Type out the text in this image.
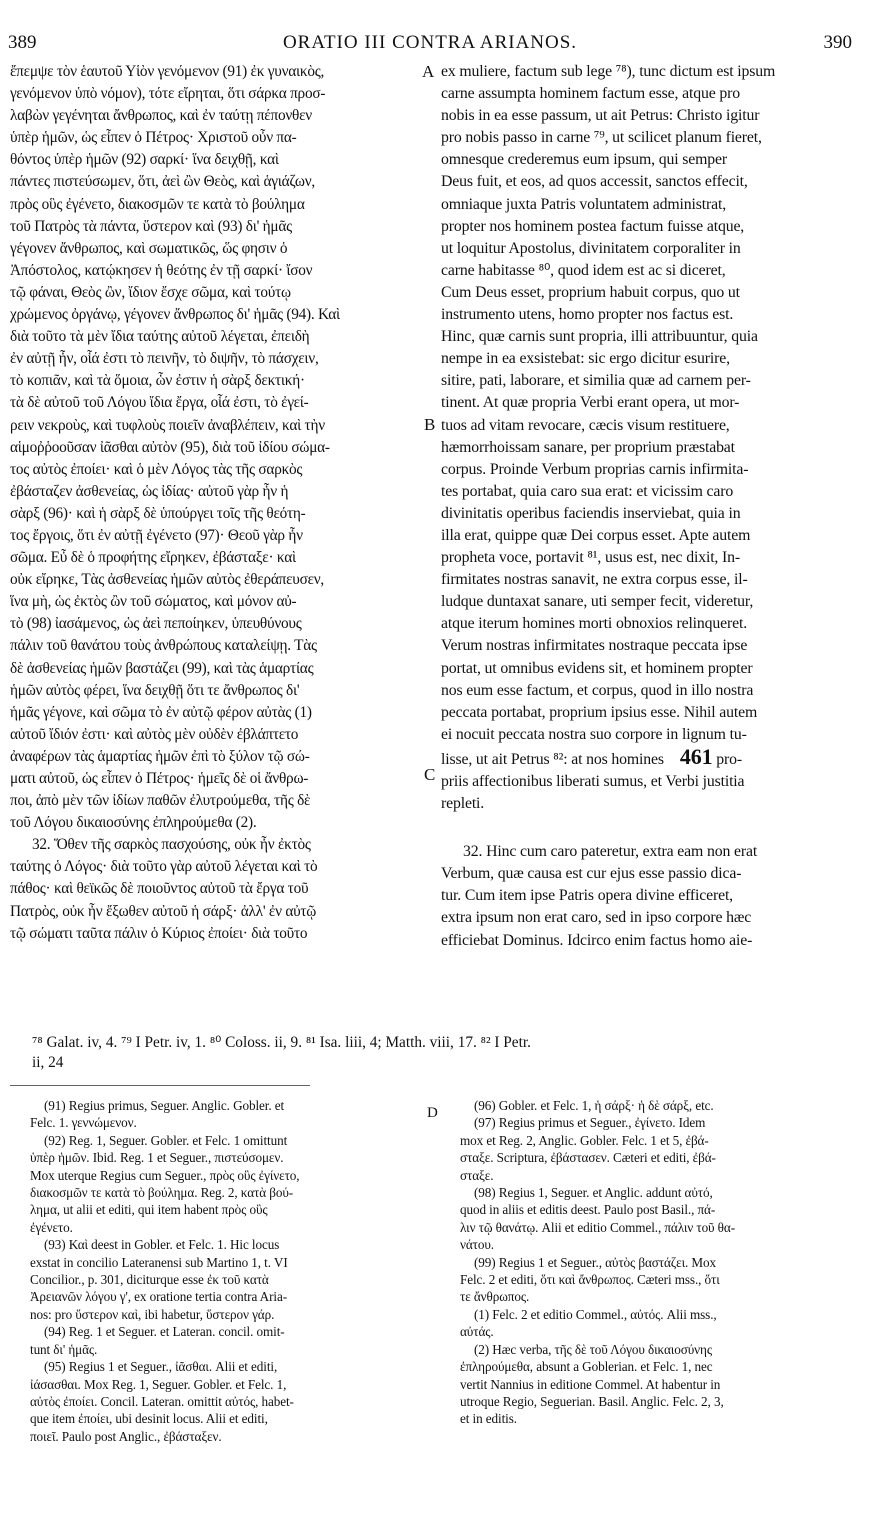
389	ORATIO III CONTRA ARIANOS.	390
A
B
C
D
ἔπεμψε τὸν ἑαυτοῦ Υἱὸν γενόμενον (91) ἐκ γυναικὸς,
γενόμενον ὑπὸ νόμον), τότε εἴρηται, ὅτι σάρκα προσ-
λαβὼν γεγένηται ἄνθρωπος, καὶ ἐν ταύτῃ πέπονθεν
ὑπὲρ ἡμῶν, ὡς εἶπεν ὁ Πέτρος· Χριστοῦ οὖν πα-
θόντος ὑπὲρ ἡμῶν (92) σαρκί· ἵνα δειχθῇ, καὶ
πάντες πιστεύσωμεν, ὅτι, ἀεὶ ὢν Θεὸς, καὶ ἁγιάζων,
πρὸς οὓς ἐγένετο, διακοσμῶν τε κατὰ τὸ βούλημα
τοῦ Πατρὸς τὰ πάντα, ὕστερον καὶ (93) δι' ἡμᾶς
γέγονεν ἄνθρωπος, καὶ σωματικῶς, ὥς φησιν ὁ
Ἀπόστολος, κατῴκησεν ἡ θεότης ἐν τῇ σαρκί· ἴσον
τῷ φάναι, Θεὸς ὢν, ἴδιον ἔσχε σῶμα, καὶ τούτῳ
χρώμενος ὀργάνῳ, γέγονεν ἄνθρωπος δι' ἡμᾶς (94). Καὶ
διὰ τοῦτο τὰ μὲν ἴδια ταύτης αὐτοῦ λέγεται, ἐπειδὴ
ἐν αὐτῇ ἦν, οἷά ἐστι τὸ πεινῆν, τὸ διψῆν, τὸ πάσχειν,
τὸ κοπιᾶν, καὶ τὰ ὅμοια, ὧν ἐστιν ἡ σὰρξ δεκτική·
τὰ δὲ αὐτοῦ τοῦ Λόγου ἴδια ἔργα, οἷά ἐστι, τὸ ἐγεί-
ρειν νεκροὺς, καὶ τυφλοὺς ποιεῖν ἀναβλέπειν, καὶ τὴν
αἱμοῤῥοοῦσαν ἰᾶσθαι αὐτὸν (95), διὰ τοῦ ἰδίου σώμα-
τος αὐτὸς ἐποίει· καὶ ὁ μὲν Λόγος τὰς τῆς σαρκὸς
ἐβάσταζεν ἀσθενείας, ὡς ἰδίας· αὐτοῦ γὰρ ἦν ἡ
σὰρξ (96)· καὶ ἡ σὰρξ δὲ ὑπούργει τοῖς τῆς θεότη-
τος ἔργοις, ὅτι ἐν αὐτῇ ἐγένετο (97)· Θεοῦ γὰρ ἦν
σῶμα. Εὖ δὲ ὁ προφήτης εἴρηκεν, ἐβάσταξε· καὶ
οὐκ εἴρηκε, Τὰς ἀσθενείας ἡμῶν αὐτὸς ἐθεράπευσεν,
ἵνα μὴ, ὡς ἐκτὸς ὢν τοῦ σώματος, καὶ μόνον αὐ-
τὸ (98) ἰασάμενος, ὡς ἀεὶ πεποίηκεν, ὑπευθύνους
πάλιν τοῦ θανάτου τοὺς ἀνθρώπους καταλείψῃ. Τὰς
δὲ ἀσθενείας ἡμῶν βαστάζει (99), καὶ τὰς ἁμαρτίας
ἡμῶν αὐτὸς φέρει, ἵνα δειχθῇ ὅτι τε ἄνθρωπος δι'
ἡμᾶς γέγονε, καὶ σῶμα τὸ ἐν αὐτῷ φέρον αὐτὰς (1)
αὐτοῦ ἴδιόν ἐστι· καὶ αὐτὸς μὲν οὐδὲν ἐβλάπτετο
ἀναφέρων τὰς ἁμαρτίας ἡμῶν ἐπὶ τὸ ξύλον τῷ σώ-
ματι αὐτοῦ, ὡς εἶπεν ὁ Πέτρος· ἡμεῖς δὲ οἱ ἄνθρω-
ποι, ἀπὸ μὲν τῶν ἰδίων παθῶν ἐλυτρούμεθα, τῆς δὲ
τοῦ Λόγου δικαιοσύνης ἐπληρούμεθα (2).
32. Ὅθεν τῆς σαρκὸς πασχούσης, οὐκ ἦν ἐκτὸς
ταύτης ὁ Λόγος· διὰ τοῦτο γὰρ αὐτοῦ λέγεται καὶ τὸ
πάθος· καὶ θεϊκῶς δὲ ποιοῦντος αὐτοῦ τὰ ἔργα τοῦ
Πατρὸς, οὐκ ἦν ἔξωθεν αὐτοῦ ἡ σάρξ· ἀλλ' ἐν αὐτῷ
τῷ σώματι ταῦτα πάλιν ὁ Κύριος ἐποίει· διὰ τοῦτο
ex muliere, factum sub lege ⁷⁸), tunc dictum est ipsum
carne assumpta hominem factum esse, atque pro
nobis in ea esse passum, ut ait Petrus: Christo igitur
pro nobis passo in carne ⁷⁹, ut scilicet planum fieret,
omnesque crederemus eum ipsum, qui semper
Deus fuit, et eos, ad quos accessit, sanctos effecit,
omniaque juxta Patris voluntatem administrat,
propter nos hominem postea factum fuisse atque,
ut loquitur Apostolus, divinitatem corporaliter in
carne habitasse ⁸⁰, quod idem est ac si diceret,
Cum Deus esset, proprium habuit corpus, quo ut
instrumento utens, homo propter nos factus est.
Hinc, quæ carnis sunt propria, illi attribuuntur, quia
nempe in ea exsistebat: sic ergo dicitur esurire,
sitire, pati, laborare, et similia quæ ad carnem per-
tinent. At quæ propria Verbi erant opera, ut mor-
tuos ad vitam revocare, cæcis visum restituere,
hæmorrhoissam sanare, per proprium præstabat
corpus. Proinde Verbum proprias carnis infirmita-
tes portabat, quia caro sua erat: et vicissim caro
divinitatis operibus faciendis inserviebat, quia in
illa erat, quippe quæ Dei corpus esset. Apte autem
propheta voce, portavit ⁸¹, usus est, nec dixit, In-
firmitates nostras sanavit, ne extra corpus esse, il-
ludque duntaxat sanare, uti semper fecit, videretur,
atque iterum homines morti obnoxios relinqueret.
Verum nostras infirmitates nostraque peccata ipse
portat, ut omnibus evidens sit, et hominem propter
nos eum esse factum, et corpus, quod in illo nostra
peccata portabat, proprium ipsius esse. Nihil autem
ei nocuit peccata nostra suo corpore in lignum tu-
lisse, ut ait Petrus ⁸²: at nos homines 461 pro-
priis affectionibus liberati sumus, et Verbi justitia
repleti.
32. Hinc cum caro pateretur, extra eam non erat
Verbum, quæ causa est cur ejus esse passio dica-
tur. Cum item ipse Patris opera divine efficeret,
extra ipsum non erat caro, sed in ipso corpore hæc
efficiebat Dominus. Idcirco enim factus homo aie-
⁷⁸ Galat. iv, 4. ⁷⁹ I Petr. iv, 1. ⁸⁰ Coloss. ii, 9. ⁸¹ Isa. liii, 4; Matth. viii, 17. ⁸² I Petr.
ii, 24
(91) Regius primus, Seguer. Anglic. Gobler. et
Felc. 1. γεννώμενον.
(92) Reg. 1, Seguer. Gobler. et Felc. 1 omittunt
ὑπὲρ ἡμῶν. Ibid. Reg. 1 et Seguer., πιστεύσομεν.
Mox uterque Regius cum Seguer., πρὸς οὓς ἐγίνετο,
διακοσμῶν τε κατὰ τὸ βούλημα. Reg. 2, κατὰ βού-
λημα, ut alii et editi, qui item habent πρὸς οὓς
ἐγένετο.
(93) Καὶ deest in Gobler. et Felc. 1. Hic locus
exstat in concilio Lateranensi sub Martino 1, t. VI
Concilior., p. 301, diciturque esse ἐκ τοῦ κατὰ
Ἀρειανῶν λόγου γ', ex oratione tertia contra Aria-
nos: pro ὕστερον καὶ, ibi habetur, ὕστερον γάρ.
(94) Reg. 1 et Seguer. et Lateran. concil. omit-
tunt δι' ἡμᾶς.
(95) Regius 1 et Seguer., ἰᾶσθαι. Alii et editi,
ἰάσασθαι. Mox Reg. 1, Seguer. Gobler. et Felc. 1,
αὐτὸς ἐποίει. Concil. Lateran. omittit αὐτός, habet-
que item ἐποίει, ubi desinit locus. Alii et editi,
ποιεῖ. Paulo post Anglic., ἐβάσταξεν.
(96) Gobler. et Felc. 1, ἡ σάρξ· ἡ δὲ σάρξ, etc.
(97) Regius primus et Seguer., ἐγίνετο. Idem
mox et Reg. 2, Anglic. Gobler. Felc. 1 et 5, ἐβά-
σταξε. Scriptura, ἐβάστασεν. Cæteri et editi, ἐβά-
σταξε.
(98) Regius 1, Seguer. et Anglic. addunt αὐτό,
quod in aliis et editis deest. Paulo post Basil., πά-
λιν τῷ θανάτῳ. Alii et editio Commel., πάλιν τοῦ θα-
νάτου.
(99) Regius 1 et Seguer., αὐτὸς βαστάζει. Mox
Felc. 2 et editi, ὅτι καὶ ἄνθρωπος. Cæteri mss., ὅτι
τε ἄνθρωπος.
(1) Felc. 2 et editio Commel., αὐτός. Alii mss.,
αὐτάς.
(2) Hæc verba, τῆς δὲ τοῦ Λόγου δικαιοσύνης
ἐπληρούμεθα, absunt a Goblerian. et Felc. 1, nec
vertit Nannius in editione Commel. At habentur in
utroque Regio, Seguerian. Basil. Anglic. Felc. 2, 3,
et in editis.
